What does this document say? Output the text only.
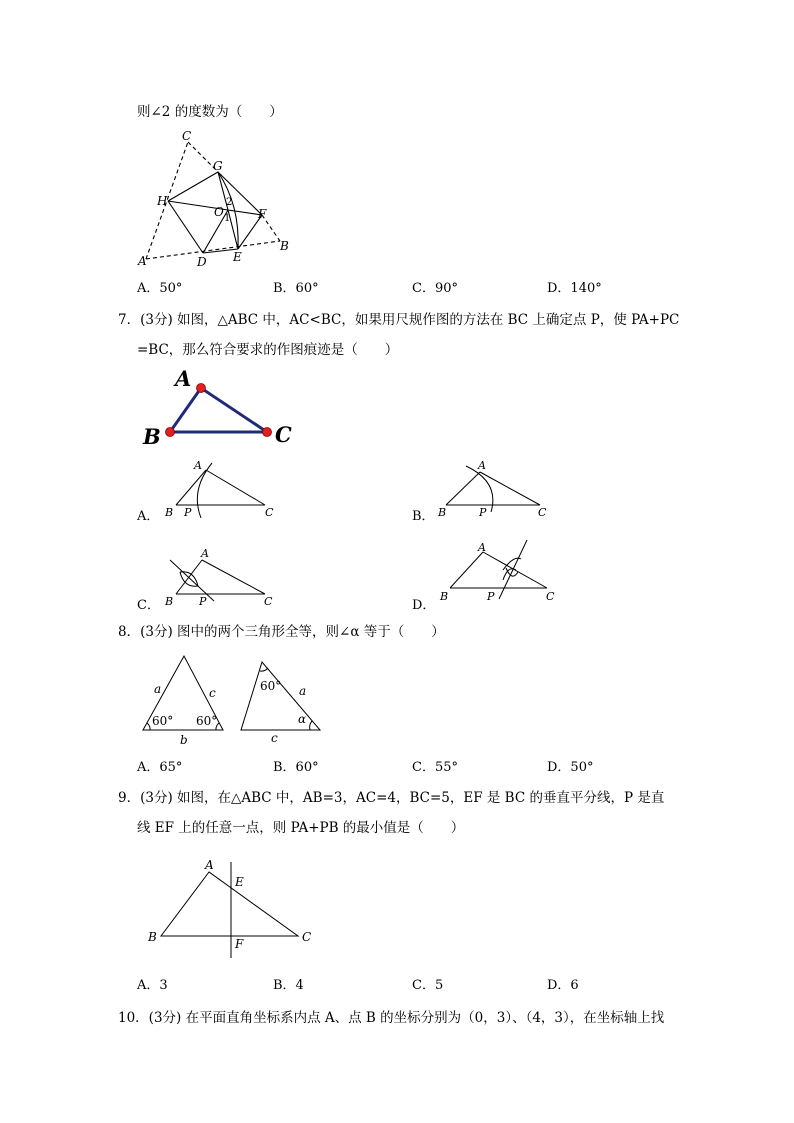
则∠2 的度数为（　　）
C
G
H
O
2
1 F
A	D E
B
A．50°	B．60°	C．90°	D．140°
7．(3分) 如图，△ABC 中，AC<BC，如果用尺规作图的方法在 BC 上确定点 P，使 PA+PC
=BC，那么符合要求的作图痕迹是（　　）
A
B	C
A．
A
B P	C	B．
A
B	P	C
C．
A
B P	C	D．
A
B	P	C
8．(3分) 图中的两个三角形全等，则∠α 等于（　　）
a	c
b
60° 60°
60° a
α
c
A．65°	B．60°	C．55°	D．50°
9．(3分) 如图，在△ABC 中，AB=3，AC=4，BC=5，EF 是 BC 的垂直平分线，P 是直
线 EF 上的任意一点，则 PA+PB 的最小值是（　　）
A
E
B	F	C
A．3	B．4	C．5	D．6
10．(3分) 在平面直角坐标系内点 A、点 B 的坐标分别为（0，3）、（4，3），在坐标轴上找
